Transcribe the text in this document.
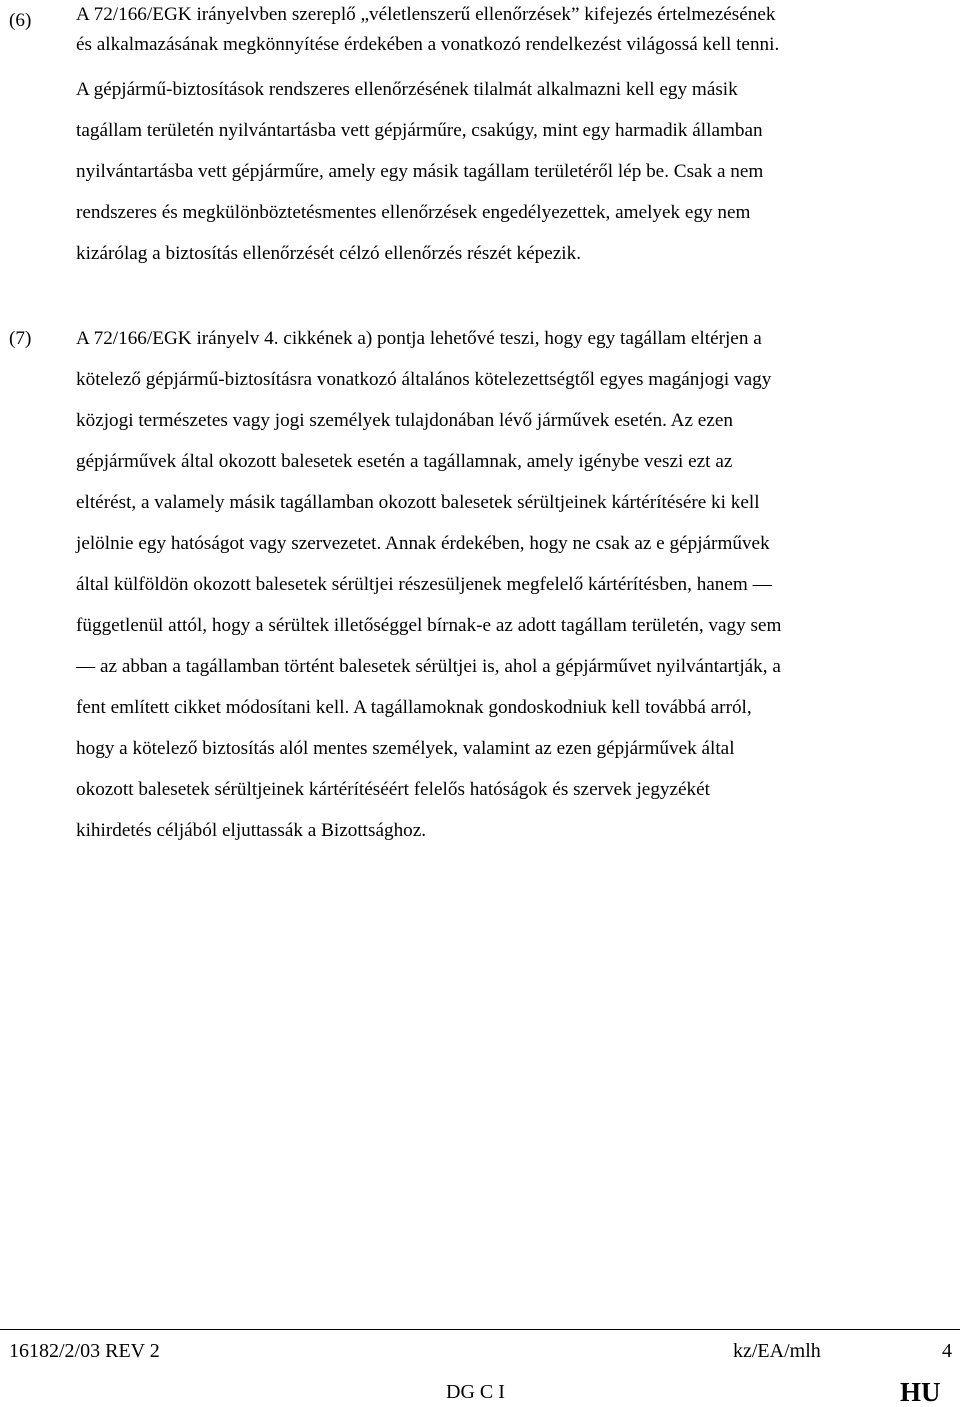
(6) A 72/166/EGK irányelvben szereplő „véletlenszerű ellenőrzések” kifejezés értelmezésének
és alkalmazásának megkönnyítése érdekében a vonatkozó rendelkezést világossá kell tenni.
A gépjármű-biztosítások rendszeres ellenőrzésének tilalmát alkalmazni kell egy másik
tagállam területén nyilvántartásba vett gépjárműre, csakúgy, mint egy harmadik államban
nyilvántartásba vett gépjárműre, amely egy másik tagállam területéről lép be. Csak a nem
rendszeres és megkülönböztetésmentes ellenőrzések engedélyezettek, amelyek egy nem
kizárólag a biztosítás ellenőrzését célzó ellenőrzés részét képezik.
(7) A 72/166/EGK irányelv 4. cikkének a) pontja lehetővé teszi, hogy egy tagállam eltérjen a
kötelező gépjármű-biztosításra vonatkozó általános kötelezettségtől egyes magánjogi vagy
közjogi természetes vagy jogi személyek tulajdonában lévő járművek esetén. Az ezen
gépjárművek által okozott balesetek esetén a tagállamnak, amely igénybe veszi ezt az
eltérést, a valamely másik tagállamban okozott balesetek sérültjeinek kártérítésére ki kell
jelölnie egy hatóságot vagy szervezetet. Annak érdekében, hogy ne csak az e gépjárművek
által külföldön okozott balesetek sérültjei részesüljenek megfelelő kártérítésben, hanem —
függetlenül attól, hogy a sérültek illetőséggel bírnak-e az adott tagállam területén, vagy sem
— az abban a tagállamban történt balesetek sérültjei is, ahol a gépjárművet nyilvántartják, a
fent említett cikket módosítani kell. A tagállamoknak gondoskodniuk kell továbbá arról,
hogy a kötelező biztosítás alól mentes személyek, valamint az ezen gépjárművek által
okozott balesetek sérültjeinek kártérítéséért felelős hatóságok és szervek jegyzékét
kihirdetés céljából eljuttassák a Bizottsághoz.
16182/2/03 REV 2	kz/EA/mlh	4
DG C I	HU
